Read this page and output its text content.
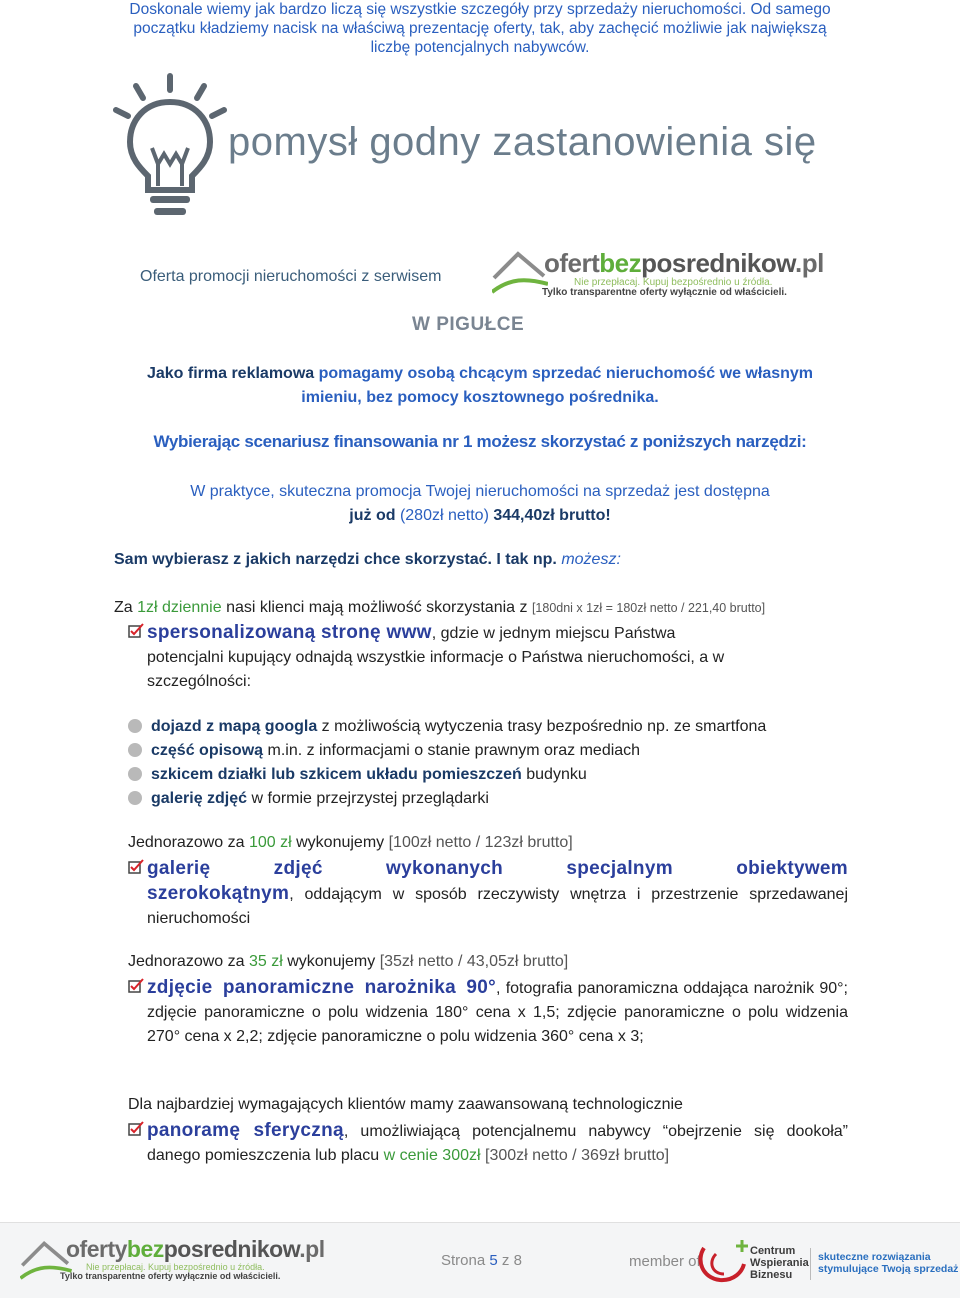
Doskonale wiemy jak bardzo liczą się wszystkie szczegóły przy sprzedaży nieruchomości. Od samego
początku kładziemy nacisk na właściwą prezentację oferty, tak, aby zachęcić możliwie jak największą
liczbę potencjalnych nabywców.
pomysł godny zastanowienia się
Oferta promocji nieruchomości z serwisem	ofertbezposrednikow.pl
Nie przepłacaj. Kupuj bezpośrednio u źródła.
Tylko transparentne oferty wyłącznie od właścicieli.
W PIGUŁCE
Jako firma reklamowa pomagamy osobą chcącym sprzedać nieruchomość we własnym
imieniu, bez pomocy kosztownego pośrednika.
Wybierając scenariusz finansowania nr 1 możesz skorzystać z poniższych narzędzi:
W praktyce, skuteczna promocja Twojej nieruchomości na sprzedaż jest dostępna
już od (280zł netto) 344,40zł brutto!
Sam wybierasz z jakich narzędzi chce skorzystać. I tak np. możesz:
Za 1zł dziennie nasi klienci mają możliwość skorzystania z [180dni x 1zł = 180zł netto / 221,40 brutto]
spersonalizowaną stronę www, gdzie w jednym miejscu Państwa
potencjalni kupujący odnajdą wszystkie informacje o Państwa nieruchomości, a w
szczególności:
dojazd z mapą googla z możliwością wytyczenia trasy bezpośrednio np. ze smartfona
część opisową m.in. z informacjami o stanie prawnym oraz mediach
szkicem działki lub szkicem układu pomieszczeń budynku
galerię zdjęć w formie przejrzystej przeglądarki
Jednorazowo za 100 zł wykonujemy [100zł netto / 123zł brutto]
galerię zdjęć wykonanych specjalnym obiektywem szerokokątnym, oddającym w sposób rzeczywisty wnętrza i przestrzenie sprzedawanej nieruchomości
Jednorazowo za 35 zł wykonujemy [35zł netto / 43,05zł brutto]
zdjęcie panoramiczne narożnika 90°, fotografia panoramiczna oddająca narożnik 90°; zdjęcie panoramiczne o polu widzenia 180° cena x 1,5; zdjęcie panoramiczne o polu widzenia 270° cena x 2,2; zdjęcie panoramiczne o polu widzenia 360° cena x 3;
Dla najbardziej wymagających klientów mamy zaawansowaną technologicznie
panoramę sferyczną, umożliwiającą potencjalnemu nabywcy “obejrzenie się dookoła” danego pomieszczenia lub placu w cenie 300zł [300zł netto / 369zł brutto]
ofertybezposrednikow.pl
Nie przepłacaj. Kupuj bezpośrednio u źródła.
Tylko transparentne oferty wyłącznie od właścicieli.
Strona 5 z 8	member of
Centrum
Wspierania
Biznesu
skuteczne rozwiązania
stymulujące Twoją sprzedaż
